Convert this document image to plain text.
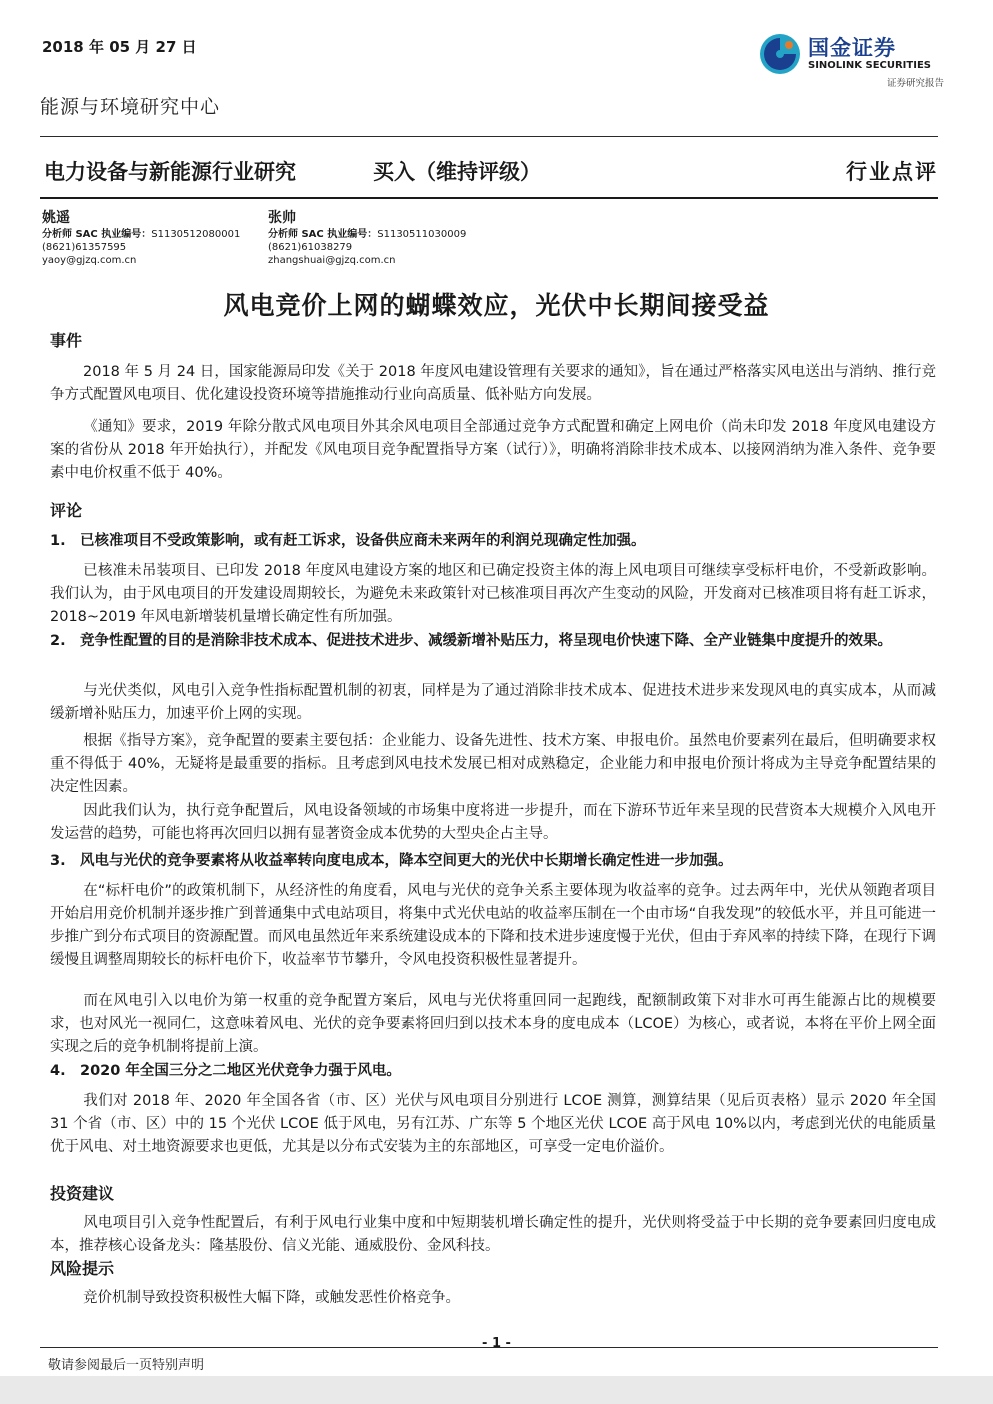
2018 年 05 月 27 日	国金证券
SINOLINK SECURITIES
证券研究报告
能源与环境研究中心
电力设备与新能源行业研究	买入（维持评级）	行业点评
姚遥
分析师 SAC 执业编号：S1130512080001
(8621)61357595
yaoy@gjzq.com.cn
张帅
分析师 SAC 执业编号：S1130511030009
(8621)61038279
zhangshuai@gjzq.com.cn
风电竞价上网的蝴蝶效应，光伏中长期间接受益
事件
2018 年 5 月 24 日，国家能源局印发《关于 2018 年度风电建设管理有关要求的通知》，旨在通过严格落实风电送出与消纳、推行竞争方式配置风电项目、优化建设投资环境等措施推动行业向高质量、低补贴方向发展。
《通知》要求，2019 年除分散式风电项目外其余风电项目全部通过竞争方式配置和确定上网电价（尚未印发 2018 年度风电建设方案的省份从 2018 年开始执行），并配发《风电项目竞争配置指导方案（试行）》，明确将消除非技术成本、以接网消纳为准入条件、竞争要素中电价权重不低于 40%。
评论
1. 已核准项目不受政策影响，或有赶工诉求，设备供应商未来两年的利润兑现确定性加强。
已核准未吊装项目、已印发 2018 年度风电建设方案的地区和已确定投资主体的海上风电项目可继续享受标杆电价，不受新政影响。我们认为，由于风电项目的开发建设周期较长，为避免未来政策针对已核准项目再次产生变动的风险，开发商对已核准项目将有赶工诉求，2018~2019 年风电新增装机量增长确定性有所加强。
2. 竞争性配置的目的是消除非技术成本、促进技术进步、减缓新增补贴压力，将呈现电价快速下降、全产业链集中度提升的效果。
与光伏类似，风电引入竞争性指标配置机制的初衷，同样是为了通过消除非技术成本、促进技术进步来发现风电的真实成本，从而减缓新增补贴压力，加速平价上网的实现。
根据《指导方案》，竞争配置的要素主要包括：企业能力、设备先进性、技术方案、申报电价。虽然电价要素列在最后，但明确要求权重不得低于 40%，无疑将是最重要的指标。且考虑到风电技术发展已相对成熟稳定，企业能力和申报电价预计将成为主导竞争配置结果的决定性因素。
因此我们认为，执行竞争配置后，风电设备领域的市场集中度将进一步提升，而在下游环节近年来呈现的民营资本大规模介入风电开发运营的趋势，可能也将再次回归以拥有显著资金成本优势的大型央企占主导。
3. 风电与光伏的竞争要素将从收益率转向度电成本，降本空间更大的光伏中长期增长确定性进一步加强。
在“标杆电价”的政策机制下，从经济性的角度看，风电与光伏的竞争关系主要体现为收益率的竞争。过去两年中，光伏从领跑者项目开始启用竞价机制并逐步推广到普通集中式电站项目，将集中式光伏电站的收益率压制在一个由市场“自我发现”的较低水平，并且可能进一步推广到分布式项目的资源配置。而风电虽然近年来系统建设成本的下降和技术进步速度慢于光伏，但由于弃风率的持续下降，在现行下调缓慢且调整周期较长的标杆电价下，收益率节节攀升，令风电投资积极性显著提升。
而在风电引入以电价为第一权重的竞争配置方案后，风电与光伏将重回同一起跑线，配额制政策下对非水可再生能源占比的规模要求，也对风光一视同仁，这意味着风电、光伏的竞争要素将回归到以技术本身的度电成本（LCOE）为核心，或者说，本将在平价上网全面实现之后的竞争机制将提前上演。
4. 2020 年全国三分之二地区光伏竞争力强于风电。
我们对 2018 年、2020 年全国各省（市、区）光伏与风电项目分别进行 LCOE 测算，测算结果（见后页表格）显示 2020 年全国 31 个省（市、区）中的 15 个光伏 LCOE 低于风电，另有江苏、广东等 5 个地区光伏 LCOE 高于风电 10%以内，考虑到光伏的电能质量优于风电、对土地资源要求也更低，尤其是以分布式安装为主的东部地区，可享受一定电价溢价。
投资建议
风电项目引入竞争性配置后，有利于风电行业集中度和中短期装机增长确定性的提升，光伏则将受益于中长期的竞争要素回归度电成本，推荐核心设备龙头：隆基股份、信义光能、通威股份、金风科技。
风险提示
竞价机制导致投资积极性大幅下降，或触发恶性价格竞争。
- 1 -
敬请参阅最后一页特别声明
